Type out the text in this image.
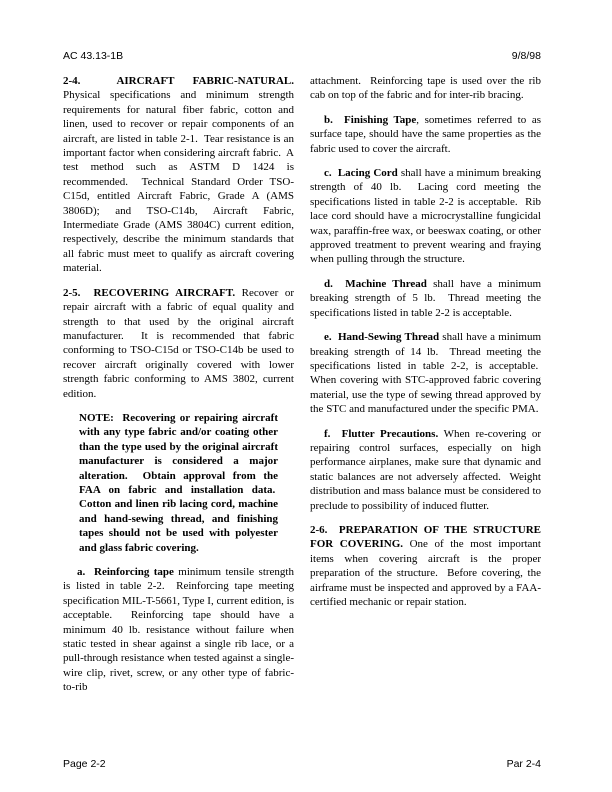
AC 43.13-1B	9/8/98

2-4.  AIRCRAFT FABRIC-NATURAL.
Physical specifications and minimum strength requirements for natural fiber fabric, cotton and linen, used to recover or repair components of an aircraft, are listed in table 2-1.  Tear resistance is an important factor when considering aircraft fabric.  A test method such as ASTM D 1424 is recommended.  Technical Standard Order TSO-C15d, entitled Aircraft Fabric, Grade A (AMS 3806D); and TSO-C14b, Aircraft Fabric, Intermediate Grade (AMS 3804C) current edition, respectively, describe the minimum standards that all fabric must meet to qualify as aircraft covering material.

2-5.  RECOVERING AIRCRAFT. Recover or repair aircraft with a fabric of equal quality and strength to that used by the original aircraft manufacturer.  It is recommended that fabric conforming to TSO-C15d or TSO-C14b be used to recover aircraft originally covered with lower strength fabric conforming to AMS 3802, current edition.

NOTE:  Recovering or repairing aircraft with any type fabric and/or coating other than the type used by the original aircraft manufacturer is considered a major alteration.  Obtain approval from the FAA on fabric and installation data.  Cotton and linen rib lacing cord, machine and hand-sewing thread, and finishing tapes should not be used with polyester and glass fabric covering.

a.  Reinforcing tape minimum tensile strength is listed in table 2-2.  Reinforcing tape meeting specification MIL-T-5661, Type I, current edition, is acceptable.  Reinforcing tape should have a minimum 40 lb. resistance without failure when static tested in shear against a single rib lace, or a pull-through resistance when tested against a single-wire clip, rivet, screw, or any other type of fabric-to-rib

attachment.  Reinforcing tape is used over the rib cab on top of the fabric and for inter-rib bracing.

b.  Finishing Tape, sometimes referred to as surface tape, should have the same properties as the fabric used to cover the aircraft.

c.  Lacing Cord shall have a minimum breaking strength of 40 lb.  Lacing cord meeting the specifications listed in table 2-2 is acceptable.  Rib lace cord should have a microcrystalline fungicidal wax, paraffin-free wax, or beeswax coating, or other approved treatment to prevent wearing and fraying when pulling through the structure.

d.  Machine Thread shall have a minimum breaking strength of 5 lb.  Thread meeting the specifications listed in table 2-2 is acceptable.

e.  Hand-Sewing Thread shall have a minimum breaking strength of 14 lb.  Thread meeting the specifications listed in table 2-2, is acceptable.  When covering with STC-approved fabric covering material, use the type of sewing thread approved by the STC and manufactured under the specific PMA.

f.  Flutter Precautions. When re-covering or repairing control surfaces, especially on high performance airplanes, make sure that dynamic and static balances are not adversely affected.  Weight distribution and mass balance must be considered to preclude to possibility of induced flutter.

2-6.  PREPARATION OF THE STRUCTURE FOR COVERING. One of the most important items when covering aircraft is the proper preparation of the structure.  Before covering, the airframe must be inspected and approved by a FAA-certified mechanic or repair station.

Page 2-2	Par 2-4
